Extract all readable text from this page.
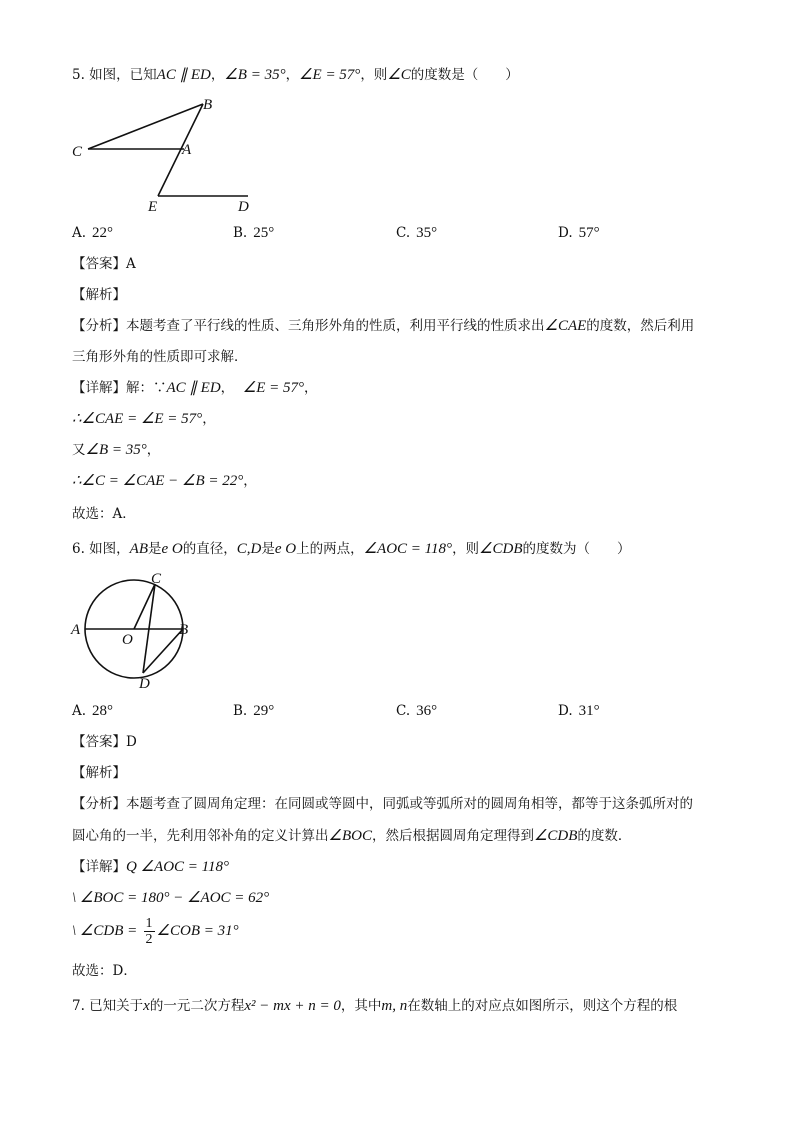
5. 如图，已知AC ∥ ED，∠B = 35°，∠E = 57°，则∠C的度数是（　　）
B
C	A
E	D
A. 22°	B. 25°	C. 35°	D. 57°
【答案】A
【解析】
【分析】本题考查了平行线的性质、三角形外角的性质，利用平行线的性质求出∠CAE的度数，然后利用
三角形外角的性质即可求解．
【详解】解：∵AC ∥ ED， ∠E = 57°，
∴∠CAE = ∠E = 57°，
又∠B = 35°，
∴∠C = ∠CAE − ∠B = 22°，
故选：A．
6. 如图，AB是e O的直径，C,D是e O上的两点，∠AOC = 118°，则∠CDB的度数为（　　）
C
A
O
B
D
A. 28°	B. 29°	C. 36°	D. 31°
【答案】D
【解析】
【分析】本题考查了圆周角定理：在同圆或等圆中，同弧或等弧所对的圆周角相等，都等于这条弧所对的
圆心角的一半，先利用邻补角的定义计算出∠BOC，然后根据圆周角定理得到∠CDB的度数．
【详解】Q ∠AOC = 118°
\ ∠BOC = 180° − ∠AOC = 62°
\ ∠CDB = $\frac{1}{2}$ ∠COB = 31°
故选：D．
7. 已知关于x的一元二次方程x² − mx + n = 0，其中m, n在数轴上的对应点如图所示，则这个方程的根
